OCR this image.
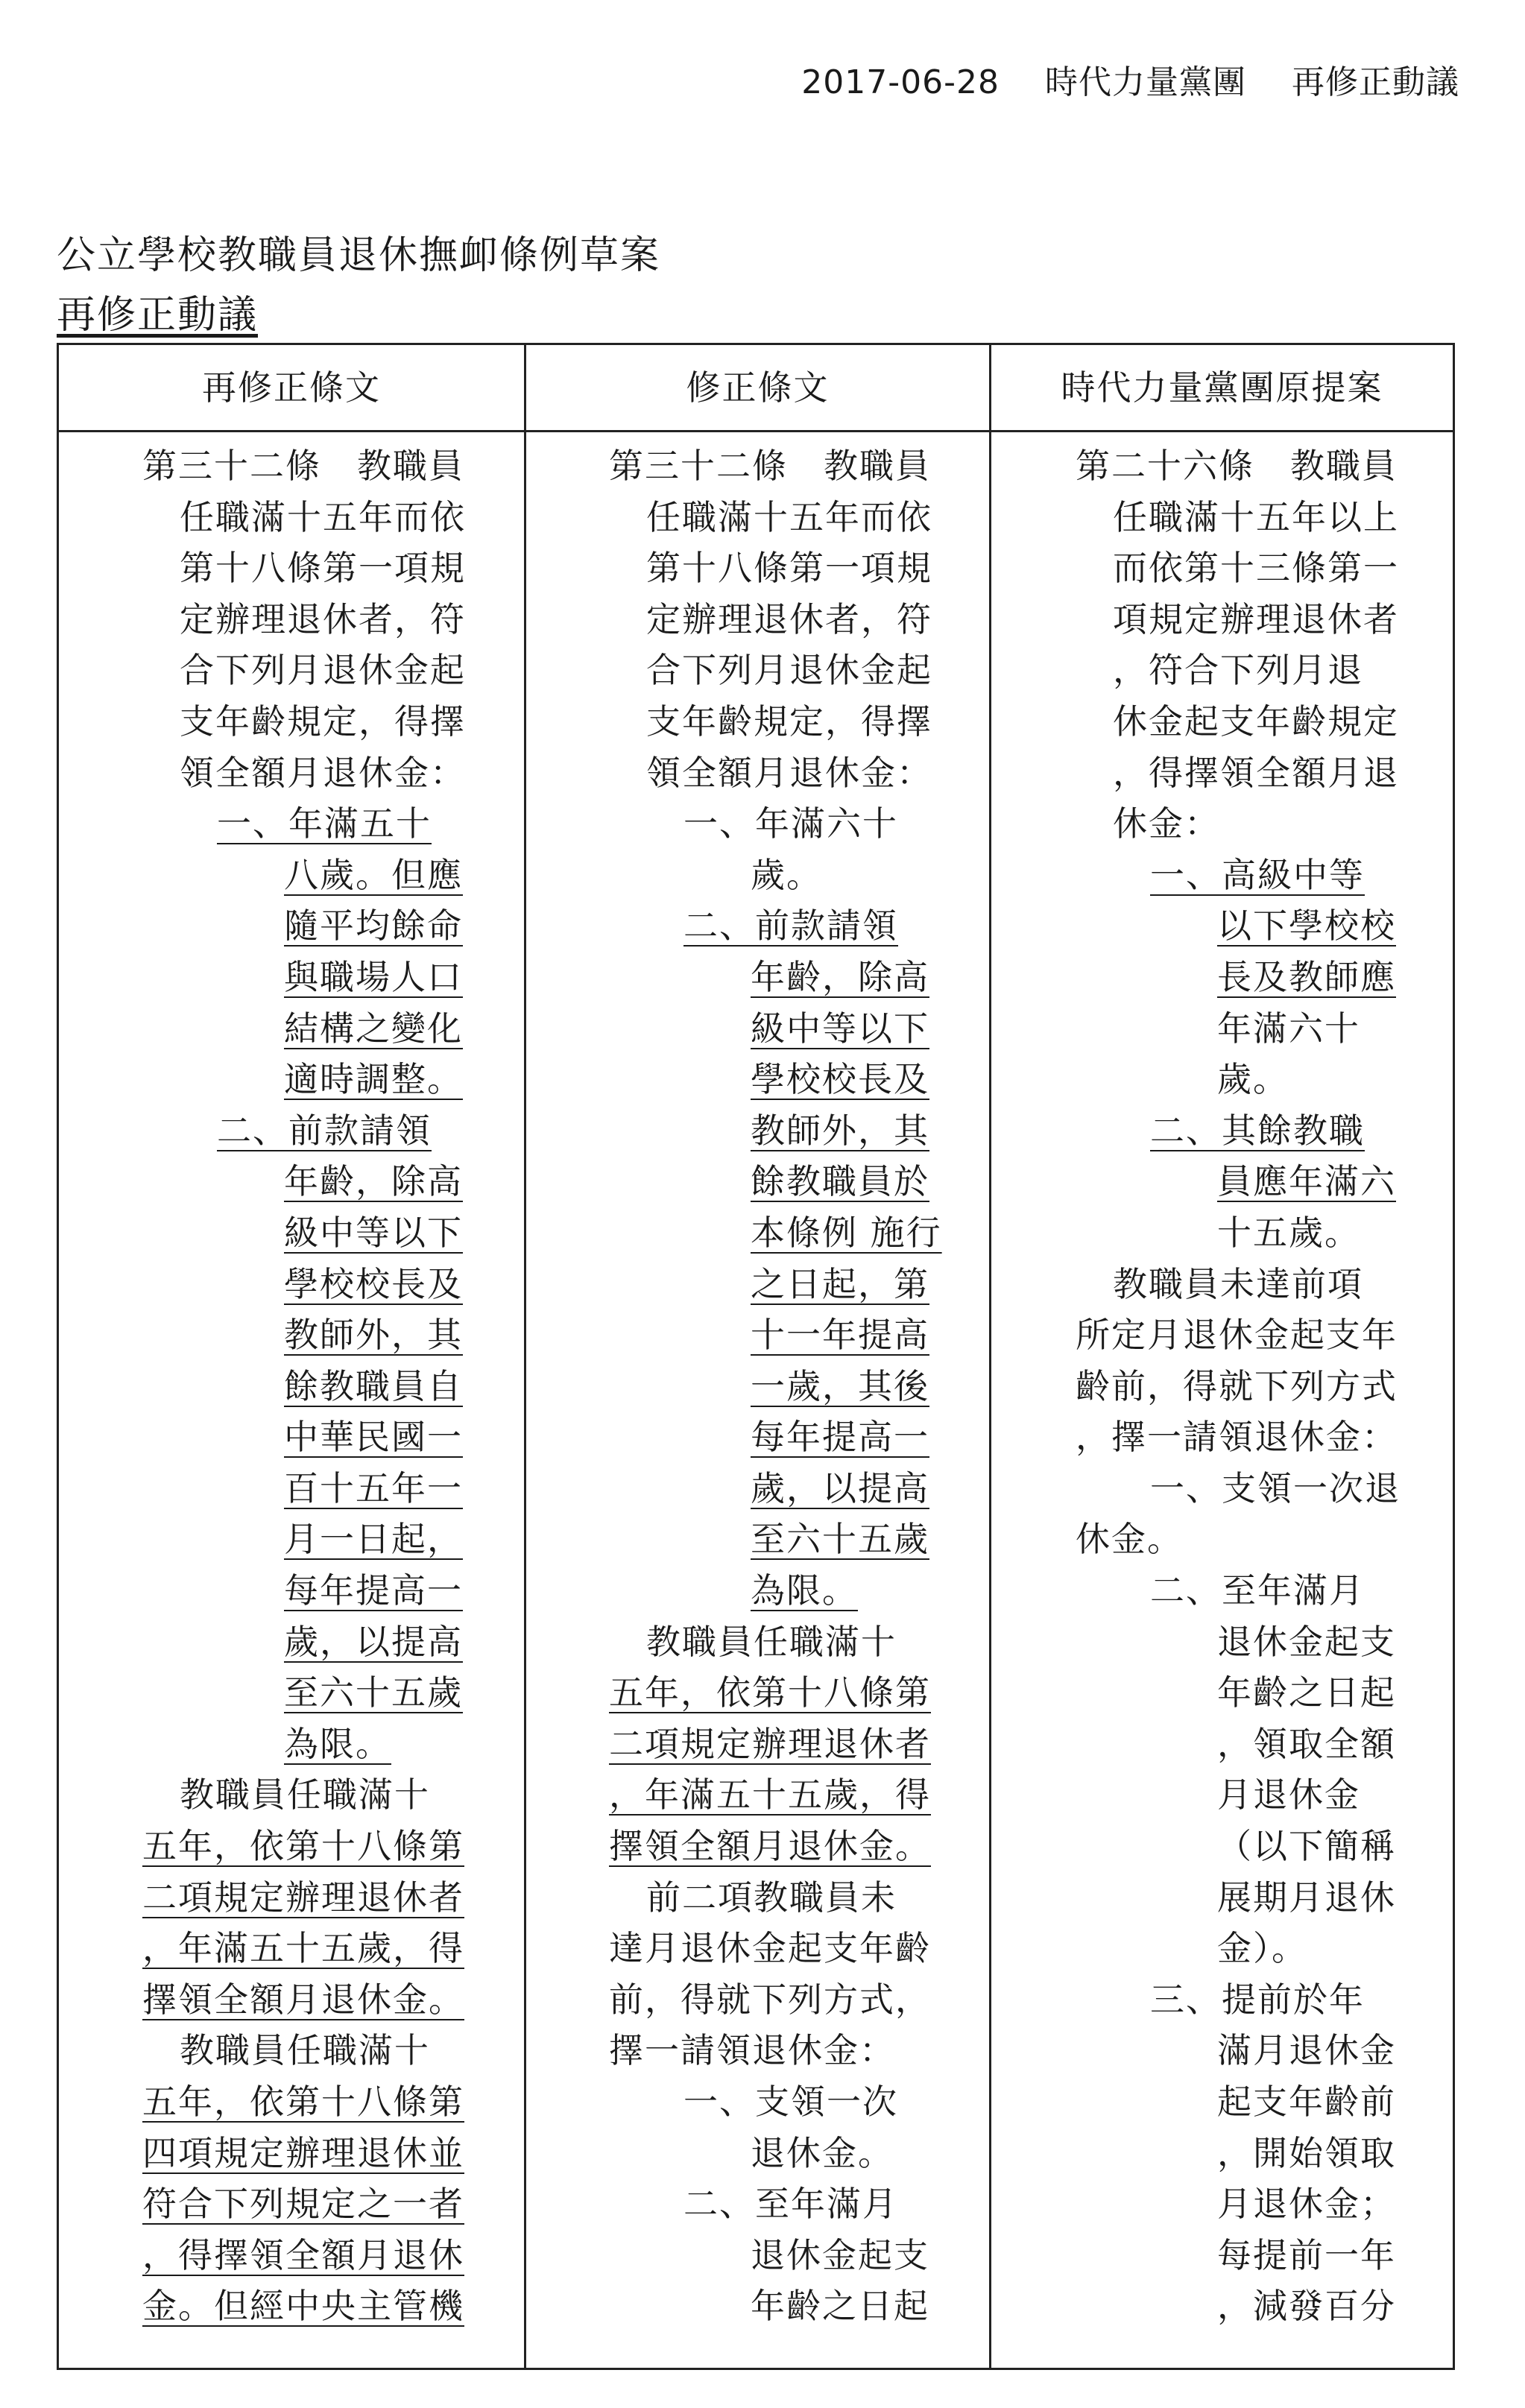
2017-06-28 時代力量黨團 再修正動議
公立學校教職員退休撫卹條例草案
再修正動議
再修正條文	修正條文	時代力量黨團原提案
第三十二條　教職員
任職滿十五年而依
第十八條第一項規
定辦理退休者，符
合下列月退休金起
支年齡規定，得擇
領全額月退休金：
一、年滿五十
八歲。但應
隨平均餘命
與職場人口
結構之變化
適時調整。
二、前款請領
年齡，除高
級中等以下
學校校長及
教師外，其
餘教職員自
中華民國一
百十五年一
月一日起，
每年提高一
歲，以提高
至六十五歲
為限。
教職員任職滿十
五年，依第十八條第
二項規定辦理退休者
，年滿五十五歲，得
擇領全額月退休金。
教職員任職滿十
五年，依第十八條第
四項規定辦理退休並
符合下列規定之一者
，得擇領全額月退休
金。但經中央主管機
第三十二條　教職員
任職滿十五年而依
第十八條第一項規
定辦理退休者，符
合下列月退休金起
支年齡規定，得擇
領全額月退休金：
一、年滿六十
歲。
二、前款請領
年齡，除高
級中等以下
學校校長及
教師外，其
餘教職員於
本條例 施行
之日起，第
十一年提高
一歲，其後
每年提高一
歲，以提高
至六十五歲
為限。
教職員任職滿十
五年，依第十八條第
二項規定辦理退休者
，年滿五十五歲，得
擇領全額月退休金。
前二項教職員未
達月退休金起支年齡
前，得就下列方式，
擇一請領退休金：
一、支領一次
退休金。
二、至年滿月
退休金起支
年齡之日起
第二十六條　教職員
任職滿十五年以上
而依第十三條第一
項規定辦理退休者
，符合下列月退
休金起支年齡規定
，得擇領全額月退
休金：
一、高級中等
以下學校校
長及教師應
年滿六十
歲。
二、其餘教職
員應年滿六
十五歲。
教職員未達前項
所定月退休金起支年
齡前，得就下列方式
，擇一請領退休金：
一、支領一次退
休金。
二、至年滿月
退休金起支
年齡之日起
，領取全額
月退休金
（以下簡稱
展期月退休
金）。
三、提前於年
滿月退休金
起支年齡前
，開始領取
月退休金；
每提前一年
，減發百分
